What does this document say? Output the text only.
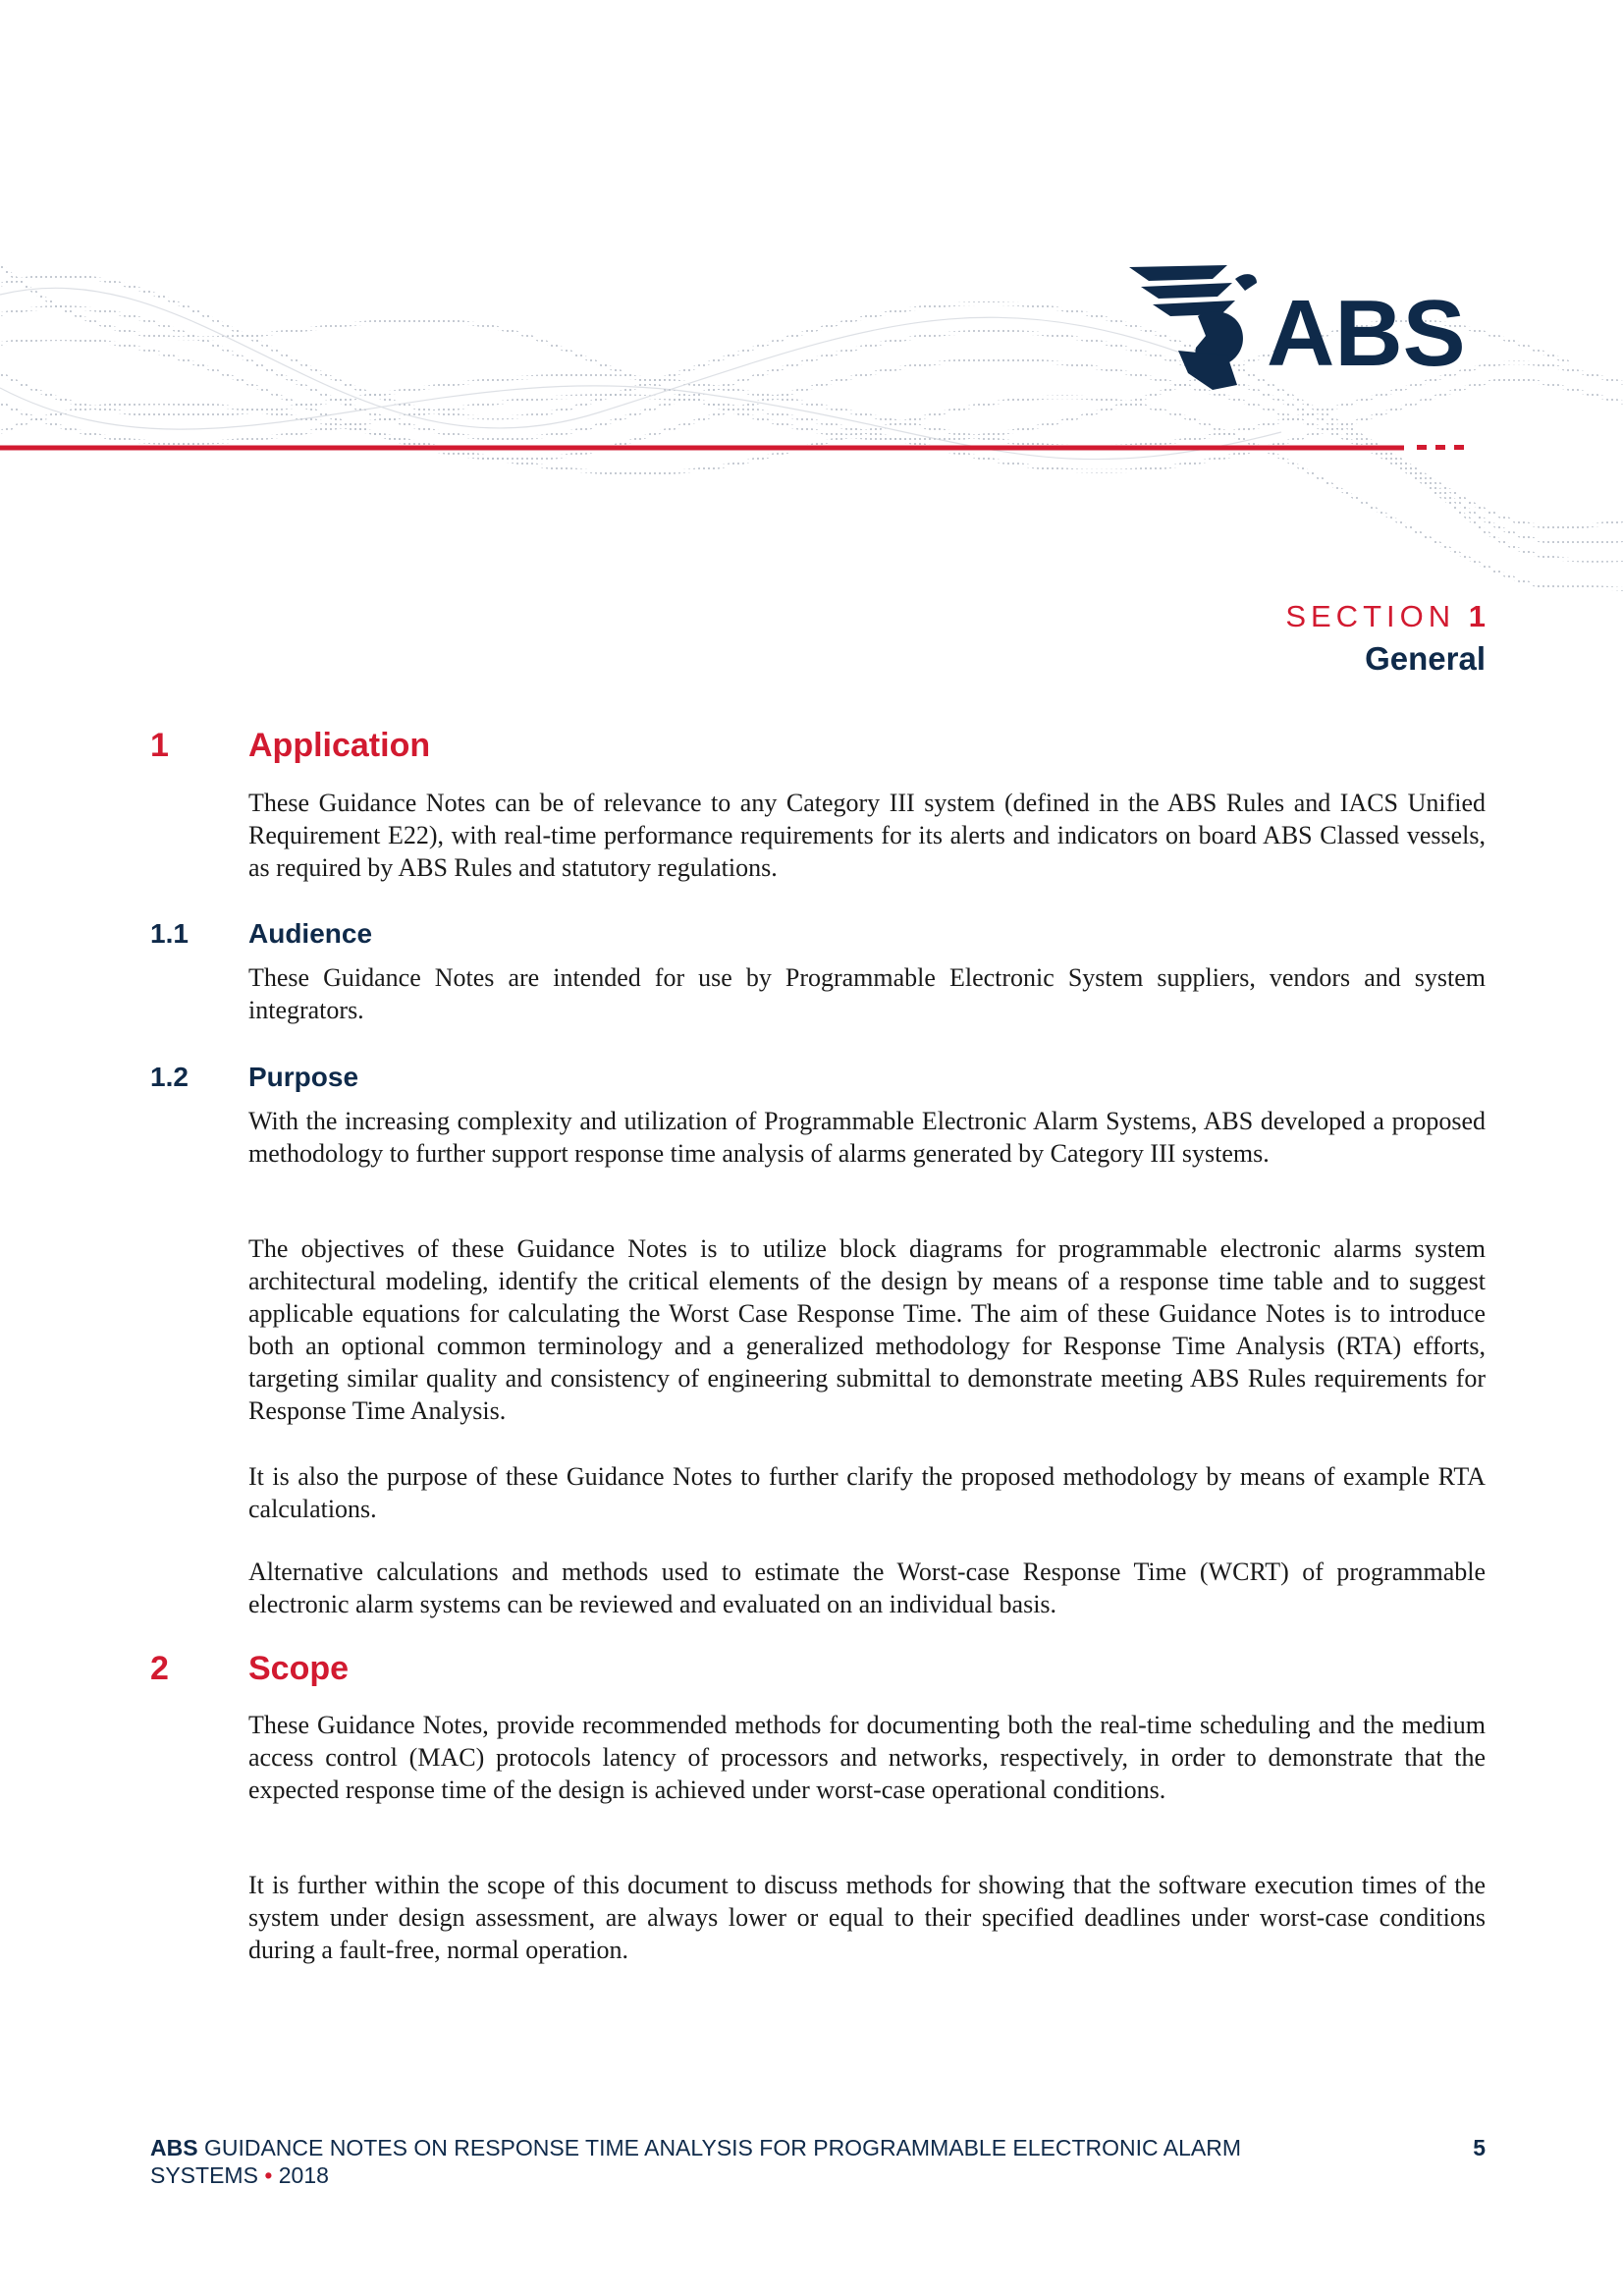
ABS
SECTION 1
General
1 Application

These Guidance Notes can be of relevance to any Category III system (defined in the ABS Rules and IACS Unified Requirement E22), with real-time performance requirements for its alerts and indicators on board ABS Classed vessels, as required by ABS Rules and statutory regulations.

1.1 Audience

These Guidance Notes are intended for use by Programmable Electronic System suppliers, vendors and system integrators.

1.2 Purpose

With the increasing complexity and utilization of Programmable Electronic Alarm Systems, ABS developed a proposed methodology to further support response time analysis of alarms generated by Category III systems.

The objectives of these Guidance Notes is to utilize block diagrams for programmable electronic alarms system architectural modeling, identify the critical elements of the design by means of a response time table and to suggest applicable equations for calculating the Worst Case Response Time. The aim of these Guidance Notes is to introduce both an optional common terminology and a generalized methodology for Response Time Analysis (RTA) efforts, targeting similar quality and consistency of engineering submittal to demonstrate meeting ABS Rules requirements for Response Time Analysis.

It is also the purpose of these Guidance Notes to further clarify the proposed methodology by means of example RTA calculations.

Alternative calculations and methods used to estimate the Worst-case Response Time (WCRT) of programmable electronic alarm systems can be reviewed and evaluated on an individual basis.

2 Scope

These Guidance Notes, provide recommended methods for documenting both the real-time scheduling and the medium access control (MAC) protocols latency of processors and networks, respectively, in order to demonstrate that the expected response time of the design is achieved under worst-case operational conditions.

It is further within the scope of this document to discuss methods for showing that the software execution times of the system under design assessment, are always lower or equal to their specified deadlines under worst-case conditions during a fault-free, normal operation.

ABS GUIDANCE NOTES ON RESPONSE TIME ANALYSIS FOR PROGRAMMABLE ELECTRONIC ALARM
SYSTEMS • 2018
5
